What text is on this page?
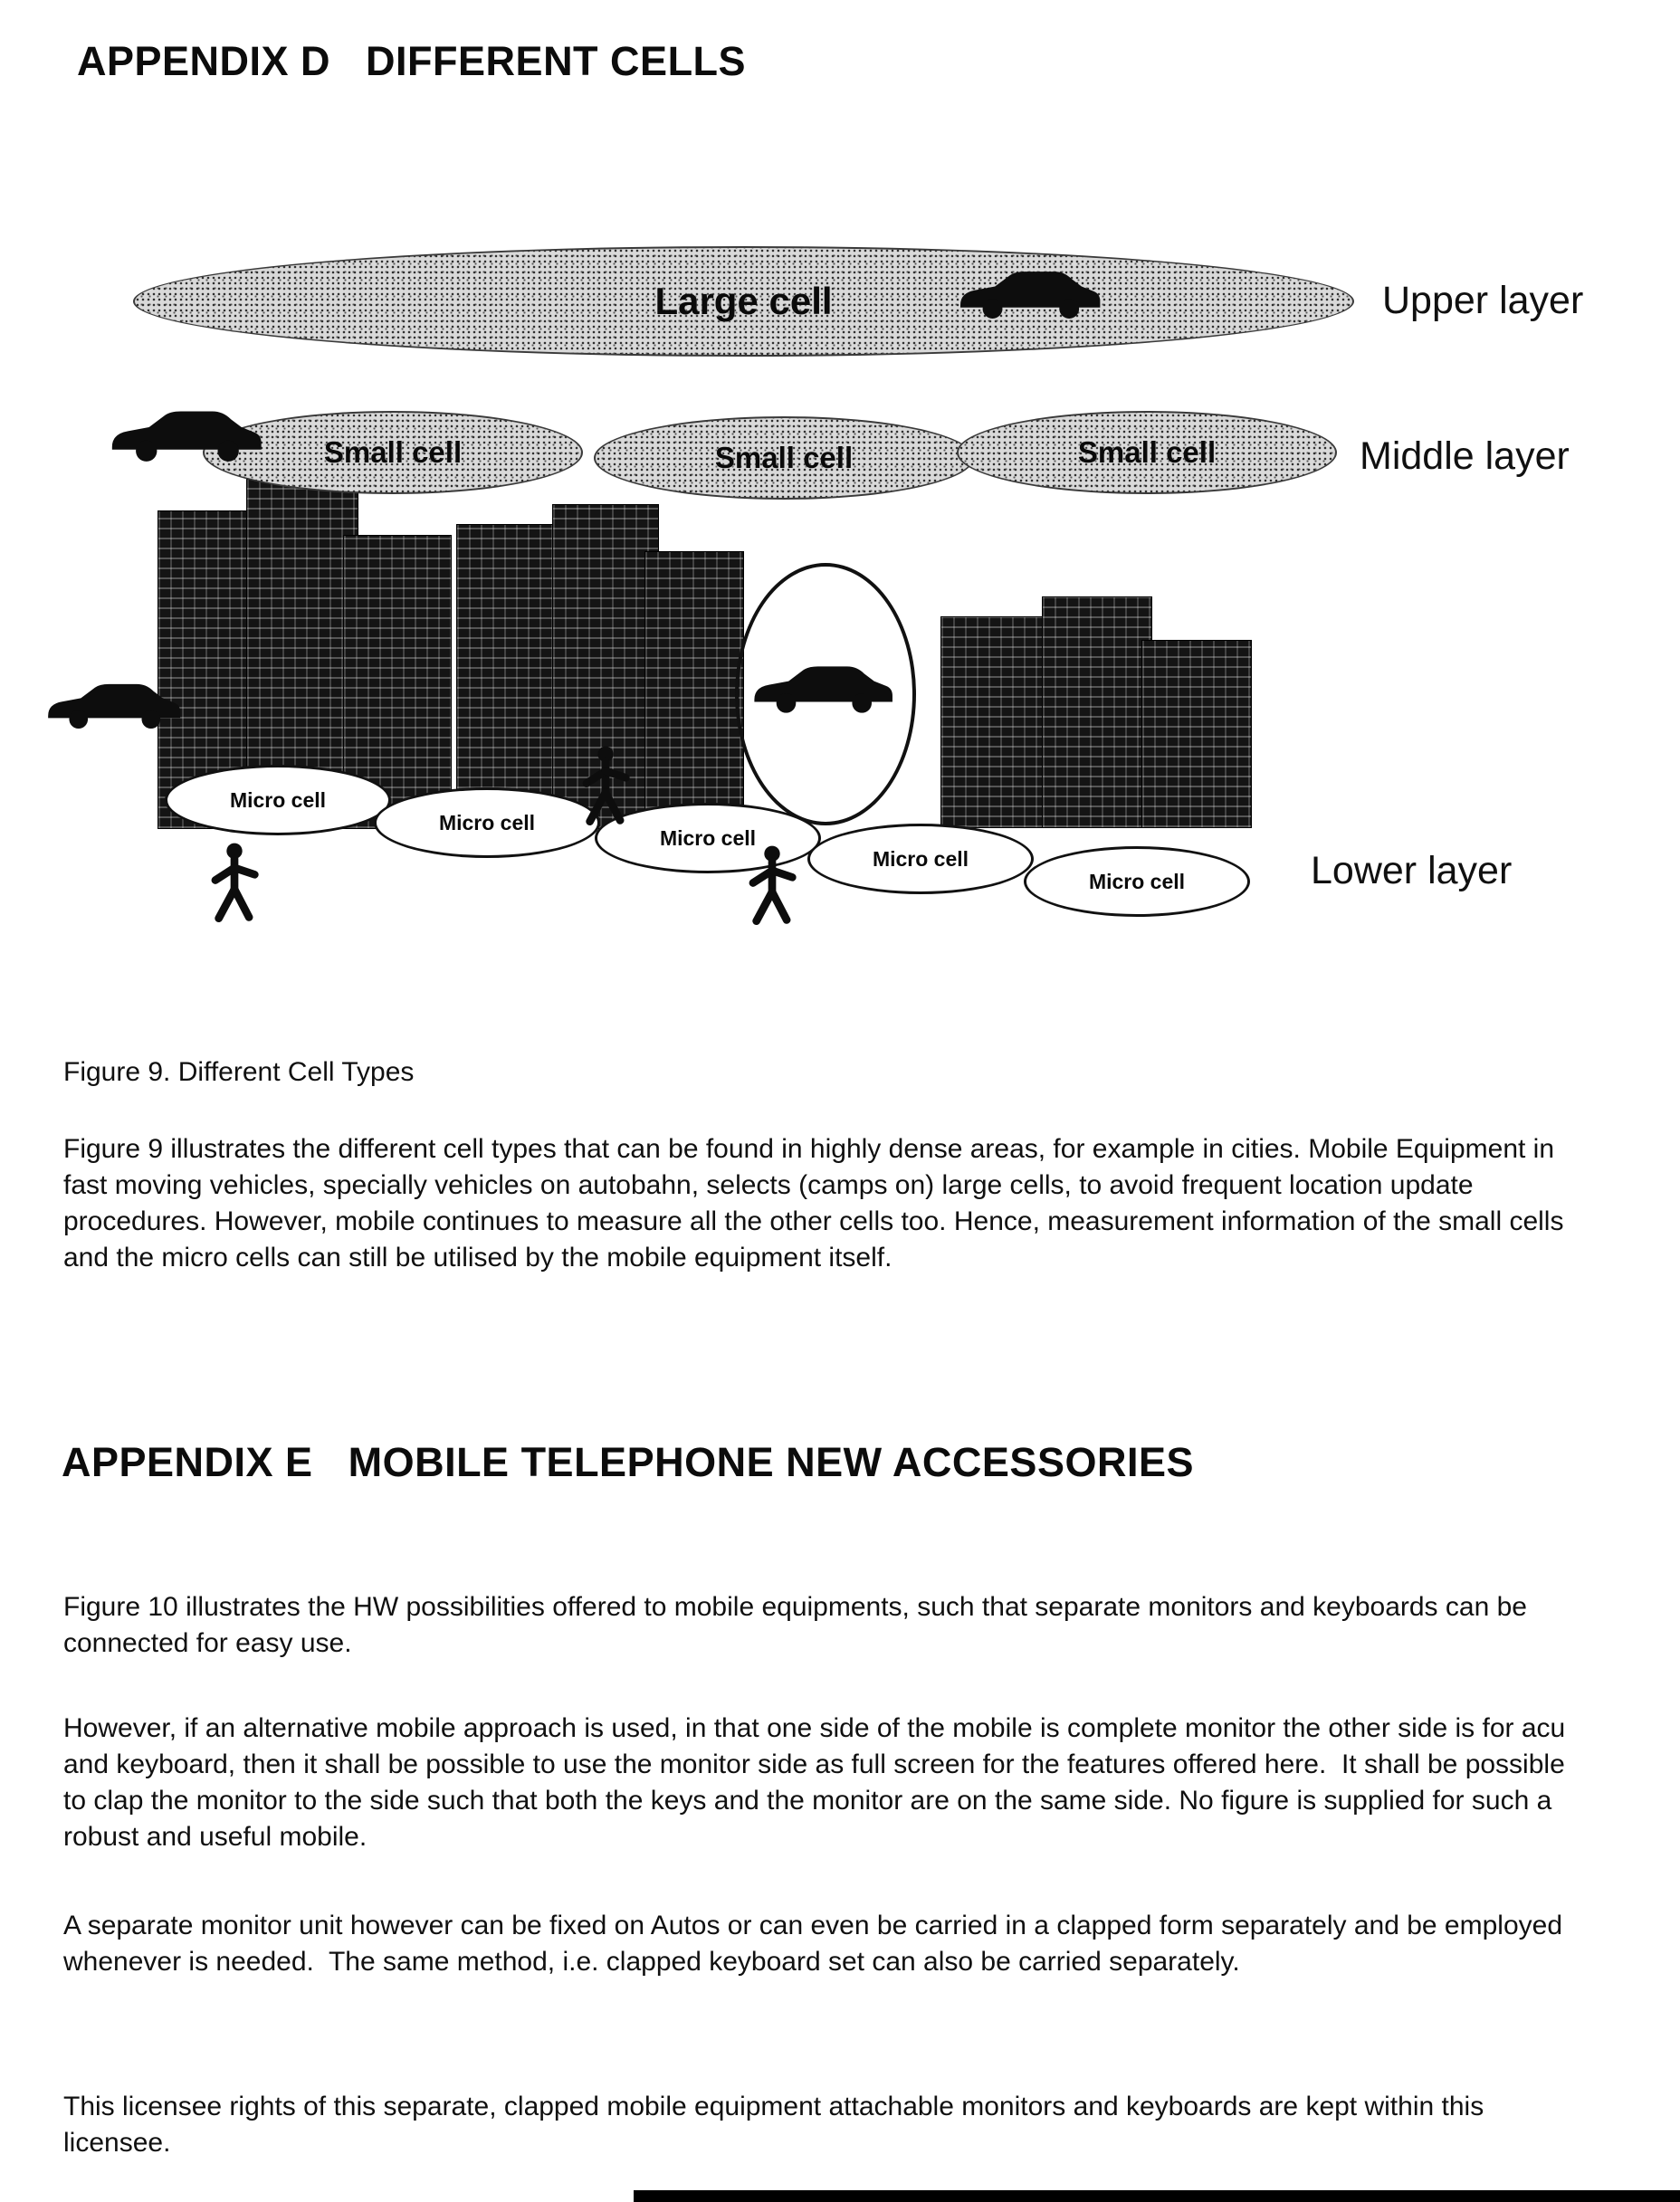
APPENDIX D   DIFFERENT CELLS
Large cell	Upper layer
Small cell	Small cell	Small cell	Middle layer
Micro cell
Micro cell
Micro cell
Micro cell
Micro cell	Lower layer

Figure 9. Different Cell Types

Figure 9 illustrates the different cell types that can be found in highly dense areas, for example in cities. Mobile Equipment in fast moving vehicles, specially vehicles on autobahn, selects (camps on) large cells, to avoid frequent location update procedures. However, mobile continues to measure all the other cells too. Hence, measurement information of the small cells and the micro cells can still be utilised by the mobile equipment itself.

APPENDIX E   MOBILE TELEPHONE NEW ACCESSORIES

Figure 10 illustrates the HW possibilities offered to mobile equipments, such that separate monitors and keyboards can be connected for easy use.

However, if an alternative mobile approach is used, in that one side of the mobile is complete monitor the other side is for acu and keyboard, then it shall be possible to use the monitor side as full screen for the features offered here.  It shall be possible to clap the monitor to the side such that both the keys and the monitor are on the same side. No figure is supplied for such a robust and useful mobile.

A separate monitor unit however can be fixed on Autos or can even be carried in a clapped form separately and be employed whenever is needed.  The same method, i.e. clapped keyboard set can also be carried separately.

This licensee rights of this separate, clapped mobile equipment attachable monitors and keyboards are kept within this licensee.
